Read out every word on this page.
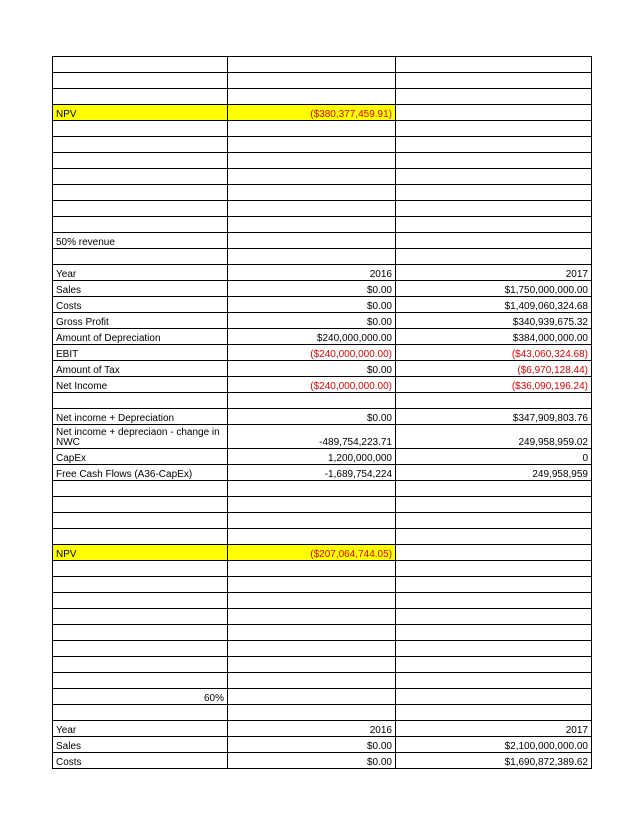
NPV	($380,377,459.91)	

50% revenue		

Year	2016	2017
Sales	$0.00	$1,750,000,000.00
Costs	$0.00	$1,409,060,324.68
Gross Profit	$0.00	$340,939,675.32
Amount of Depreciation	$240,000,000.00	$384,000,000.00
EBIT	($240,000,000.00)	($43,060,324.68)
Amount of Tax	$0.00	($6,970,128.44)
Net Income	($240,000,000.00)	($36,090,196.24)

Net income + Depreciation	$0.00	$347,909,803.76
Net income + depreciaon - change in NWC	-489,754,223.71	249,958,959.02
CapEx	1,200,000,000	0
Free Cash Flows (A36-CapEx)	-1,689,754,224	249,958,959

NPV	($207,064,744.05)	

60%		

Year	2016	2017
Sales	$0.00	$2,100,000,000.00
Costs	$0.00	$1,690,872,389.62
